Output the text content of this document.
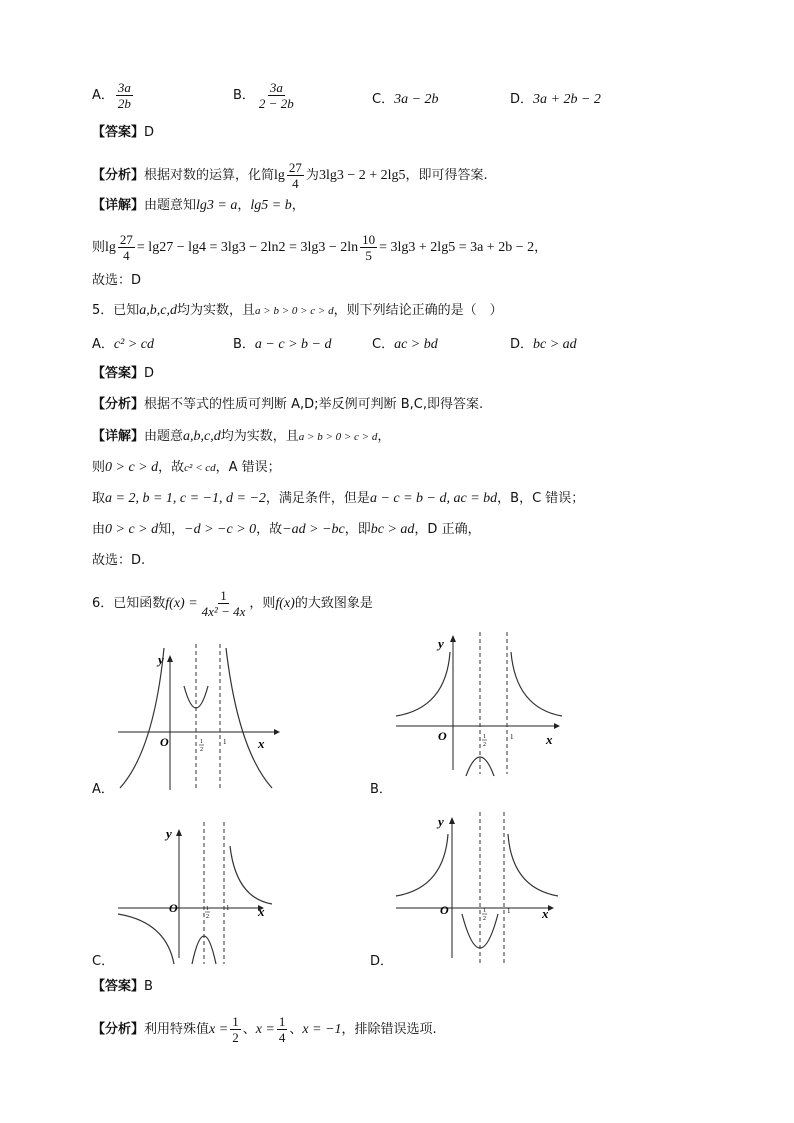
A． $\frac{3a}{2b}$	B． $\frac{3a}{2 - 2b}$	C．3a − 2b	D．3a + 2b − 2
【答案】D
【分析】根据对数的运算，化简$\lg \frac{27}{4}$ 为3lg3 − 2 + 2lg5，即可得答案.
【详解】由题意知lg3 = a，lg5 = b，
则$\lg \frac{27}{4} = \lg 27 - \lg 4 = 3\lg 3 - 2\ln 2 = 3\lg 3 - 2\ln \frac{10}{5} = 3\lg 3 + 2\lg 5 = 3a + 2b - 2$，
故选：D
5．已知a,b,c,d均为实数，且a > b > 0 > c > d，则下列结论正确的是（　）
A．c² > cd	B．a − c > b − d	C．ac > bd	D．bc > ad
【答案】D
【分析】根据不等式的性质可判断 A,D;举反例可判断 B,C,即得答案.
【详解】由题意a,b,c,d均为实数，且a > b > 0 > c > d，
则0 > c > d，故c² < cd，A 错误；
取a = 2, b = 1, c = −1, d = −2，满足条件，但是a − c = b − d, ac = bd，B，C 错误；
由0 > c > d知，−d > −c > 0，故−ad > −bc，即bc > ad，D 正确，
故选：D.
6．已知函数$f(x) = \frac{1}{\text{4x² − 4x}}$ ，则f(x)的大致图象是
y
x
O	1
2
1
A．
y
x
O	1
2
1
B．
y
x
O	1
2
1
C．
y
x
O	1
2
1
D．
【答案】B
【分析】利用特殊值$x = \frac{1}{2}$ 、$x = \frac{1}{4}$ 、x = −1，排除错误选项.
